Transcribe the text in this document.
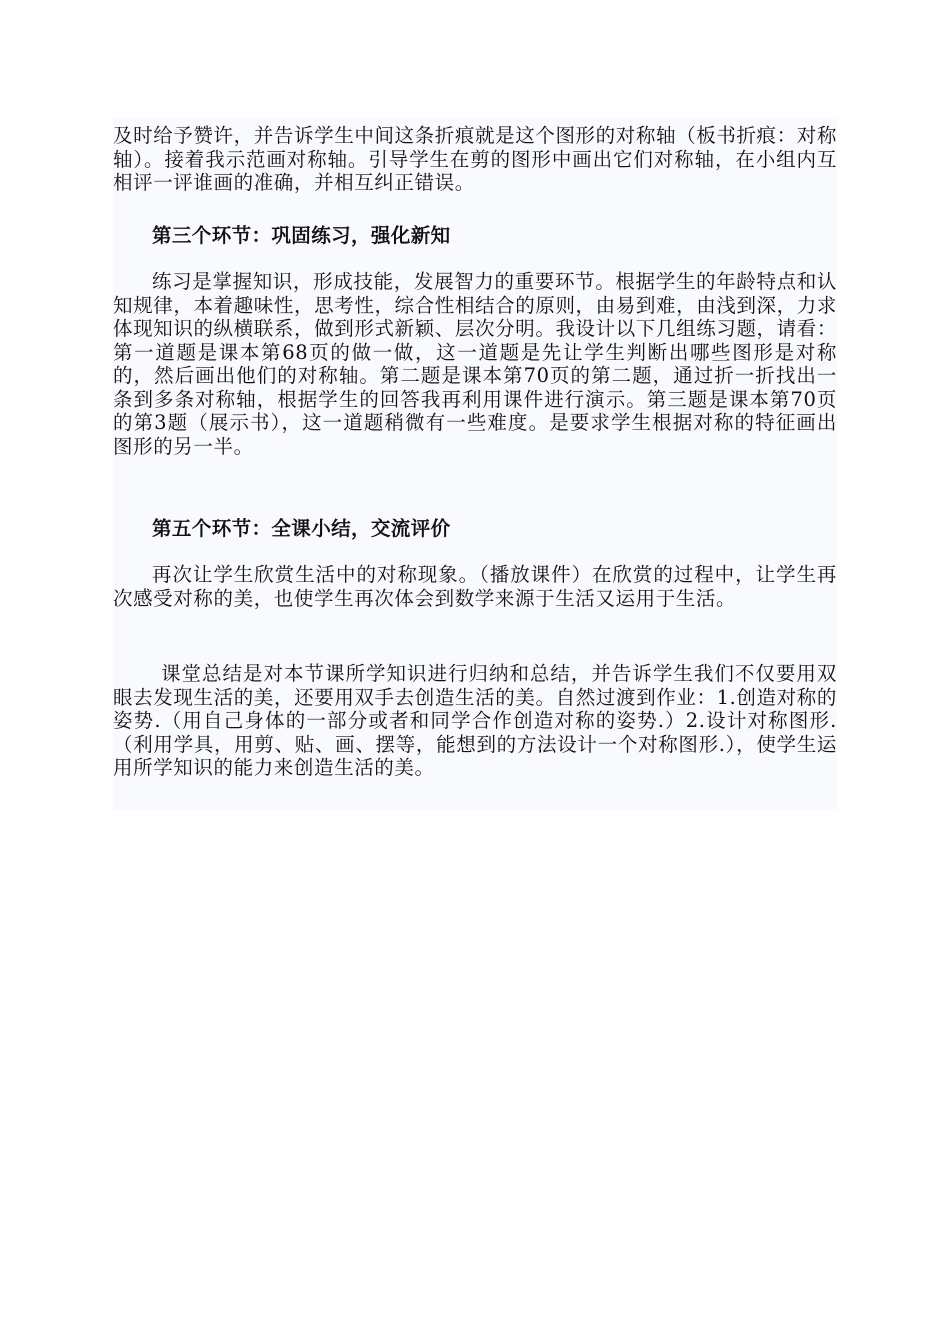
及时给予赞许，并告诉学生中间这条折痕就是这个图形的对称轴（板书折痕：对称轴）。接着我示范画对称轴。引导学生在剪的图形中画出它们对称轴，在小组内互相评一评谁画的准确，并相互纠正错误。

第三个环节：巩固练习，强化新知

练习是掌握知识，形成技能，发展智力的重要环节。根据学生的年龄特点和认知规律，本着趣味性，思考性，综合性相结合的原则，由易到难，由浅到深，力求体现知识的纵横联系，做到形式新颖、层次分明。我设计以下几组练习题，请看：第一道题是课本第68页的做一做，这一道题是先让学生判断出哪些图形是对称的，然后画出他们的对称轴。第二题是课本第70页的第二题，通过折一折找出一条到多条对称轴，根据学生的回答我再利用课件进行演示。第三题是课本第70页的第3题（展示书），这一道题稍微有一些难度。是要求学生根据对称的特征画出图形的另一半。

第五个环节：全课小结，交流评价

再次让学生欣赏生活中的对称现象。（播放课件）在欣赏的过程中，让学生再次感受对称的美，也使学生再次体会到数学来源于生活又运用于生活。

课堂总结是对本节课所学知识进行归纳和总结，并告诉学生我们不仅要用双眼去发现生活的美，还要用双手去创造生活的美。自然过渡到作业：1.创造对称的姿势.（用自己身体的一部分或者和同学合作创造对称的姿势.）2.设计对称图形.（利用学具，用剪、贴、画、摆等，能想到的方法设计一个对称图形.），使学生运用所学知识的能力来创造生活的美。
